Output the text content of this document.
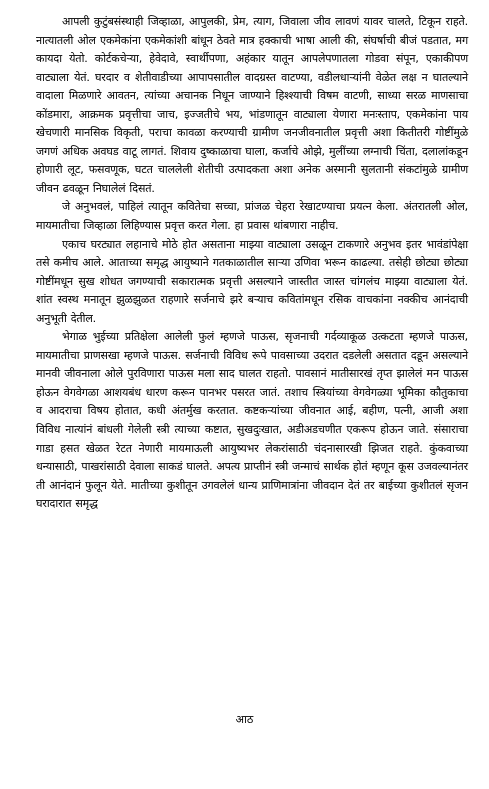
आपली कुटुंबसंस्थाही जिव्हाळा, आपुलकी, प्रेम, त्याग, जिवाला जीव लावणं यावर चालते, टिकून राहते. नात्यातली ओल एकमेकांना एकमेकांशी बांधून ठेवते मात्र हक्काची भाषा आली की, संघर्षाची बीजं पडतात, मग कायदा येतो. कोर्टकचेऱ्या, हेवेदावे, स्वार्थीपणा, अहंकार यातून आपलेपणातला गोडवा संपून, एकाकीपण वाट्याला येतं. घरदार व शेतीवाडीच्या आपापसातील वादग्रस्त वाटण्या, वडीलधाऱ्यांनी वेळेत लक्ष न घातल्याने वादाला मिळणारे आवतन, त्यांच्या अचानक निधून जाण्याने हिश्श्याची विषम वाटणी, साध्या सरळ माणसाचा कोंडमारा, आक्रमक प्रवृत्तीचा जाच, इज्जतीचे भय, भांडणातून वाट्याला येणारा मनःस्ताप, एकमेकांना पाय खेचणारी मानसिक विकृती, पराचा कावळा करण्याची ग्रामीण जनजीवनातील प्रवृत्ती अशा कितीतरी गोष्टींमुळे जगणं अधिक अवघड वाटू लागतं. शिवाय दुष्काळाचा घाला, कर्जाचे ओझे, मुलींच्या लग्नाची चिंता, दलालांकडून होणारी लूट, फसवणूक, घटत चाललेली शेतीची उत्पादकता अशा अनेक अस्मानी सुलतानी संकटांमुळे ग्रामीण जीवन ढवळून निघालेलं दिसतं.

जे अनुभवलं, पाहिलं त्यातून कवितेचा सच्चा, प्रांजळ चेहरा रेखाटण्याचा प्रयत्न केला. अंतरातली ओल, मायमातीचा जिव्हाळा लिहिण्यास प्रवृत्त करत गेला. हा प्रवास थांबणारा नाहीच.

एकाच घरट्यात लहानाचे मोठे होत असताना माझ्या वाट्याला उसळून टाकणारे अनुभव इतर भावंडांपेक्षा तसे कमीच आले. आताच्या समृद्ध आयुष्याने गतकाळातील साऱ्या उणिवा भरून काढल्या. तसेही छोट्या छोट्या गोष्टींमधून सुख शोधत जगण्याची सकारात्मक प्रवृत्ती असल्याने जास्तीत जास्त चांगलंच माझ्या वाट्याला येतं. शांत स्वस्थ मनातून झुळझुळत राहणारे सर्जनाचे झरे बऱ्याच कवितांमधून रसिक वाचकांना नक्कीच आनंदाची अनुभूती देतील.

भेगाळ भुईच्या प्रतिक्षेला आलेली फुलं म्हणजे पाऊस, सृजनाची गर्दव्याकूळ उत्कटता म्हणजे पाऊस, मायमातीचा प्राणसखा म्हणजे पाऊस. सर्जनाची विविध रूपे पावसाच्या उदरात दडलेली असतात दडून असल्याने मानवी जीवनाला ओले पुरविणारा पाऊस मला साद घालत राहतो. पावसानं मातीसारखं तृप्त झालेलं मन पाऊस होऊन वेगवेगळा आशयबंध धारण करून पानभर पसरत जातं. तशाच स्त्रियांच्या वेगवेगळ्या भूमिका कौतुकाचा व आदराचा विषय होतात, कधी अंतर्मुख करतात. कष्टकऱ्यांच्या जीवनात आई, बहीण, पत्नी, आजी अशा विविध नात्यांनं बांधली गेलेली स्त्री त्याच्या कष्टात, सुखदुःखात, अडीअडचणीत एकरूप होऊन जाते. संसाराचा गाडा हसत खेळत रेटत नेणारी मायमाऊली आयुष्यभर लेकरांसाठी चंदनासारखी झिजत राहते. कुंकवाच्या धन्यासाठी, पाखरांसाठी देवाला साकडं घालते. अपत्य प्राप्तीनं स्त्री जन्माचं सार्थक होतं म्हणून कूस उजवल्यानंतर ती आनंदानं फुलून येते. मातीच्या कुशीतून उगवलेलं धान्य प्राणिमात्रांना जीवदान देतं तर बाईच्या कुशीतलं सृजन घरादारात समृद्ध

आठ
